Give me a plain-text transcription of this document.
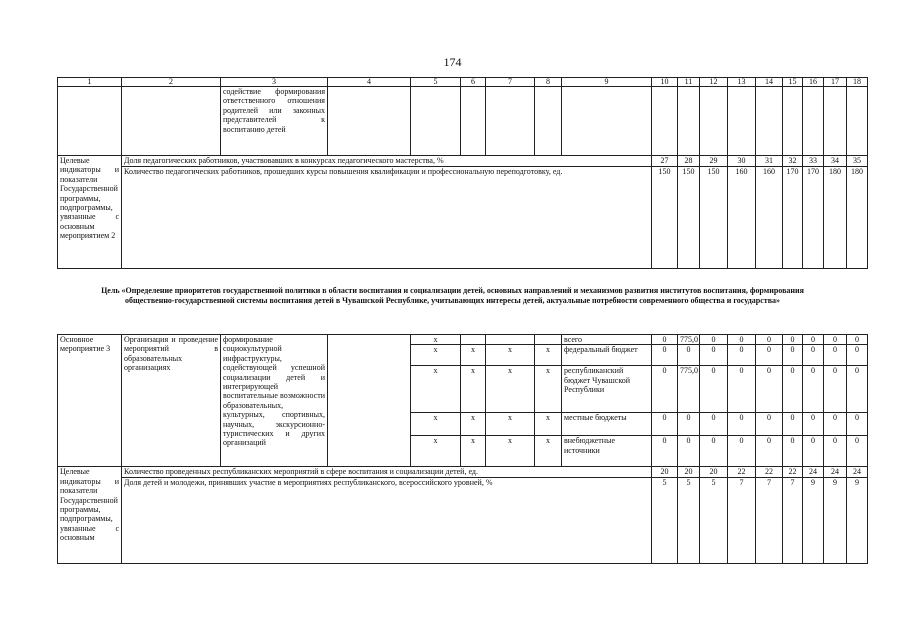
174
1	2	3	4	5	6	7	8	9	10	11	12	13	14	15	16	17	18
		содействие формирования ответственного отношения родителей или законных представителей к воспитанию детей															
Целевые индикаторы и показатели Государственной программы, подпрограммы, увязанные с основным мероприятием 2	Доля педагогических работников, участвовавших в конкурсах педагогического мастерства, %								27	28	29	30	31	32	33	34	35
	Количество педагогических работников, прошедших курсы повышения квалификации и профессиональную переподготовку, ед.								150	150	150	160	160	170	170	180	180
Цель «Определение приоритетов государственной политики в области воспитания и социализации детей, основных направлений и механизмов развития институтов воспитания, формирования общественно-государственной системы воспитания детей в Чувашской Республике, учитывающих интересы детей, актуальные потребности современного общества и государства»
Основное мероприятие 3	Организация и проведение мероприятий в образовательных организациях	формирование социокультурной инфраструктуры, содействующей успешной социализации детей и интегрирующей воспитательные возможности образовательных, культурных, спортивных, научных, экскурсионно-туристических и других организаций		x				всего	0	775,0	0	0	0	0	0	0	0
				x	x	x	x	федеральный бюджет	0	0	0	0	0	0	0	0	0
				x	x	x	x	республиканский бюджет Чувашской Республики	0	775,0	0	0	0	0	0	0	0
				x	x	x	x	местные бюджеты	0	0	0	0	0	0	0	0	0
				x	x	x	x	внебюджетные источники	0	0	0	0	0	0	0	0	0
Целевые индикаторы и показатели Государственной программы, подпрограммы, увязанные с основным	Количество проведенных республиканских мероприятий в сфере воспитания и социализации детей, ед.								20	20	20	22	22	22	24	24	24
	Доля детей и молодежи, принявших участие в мероприятиях республиканского, всероссийского уровней, %								5	5	5	7	7	7	9	9	9
